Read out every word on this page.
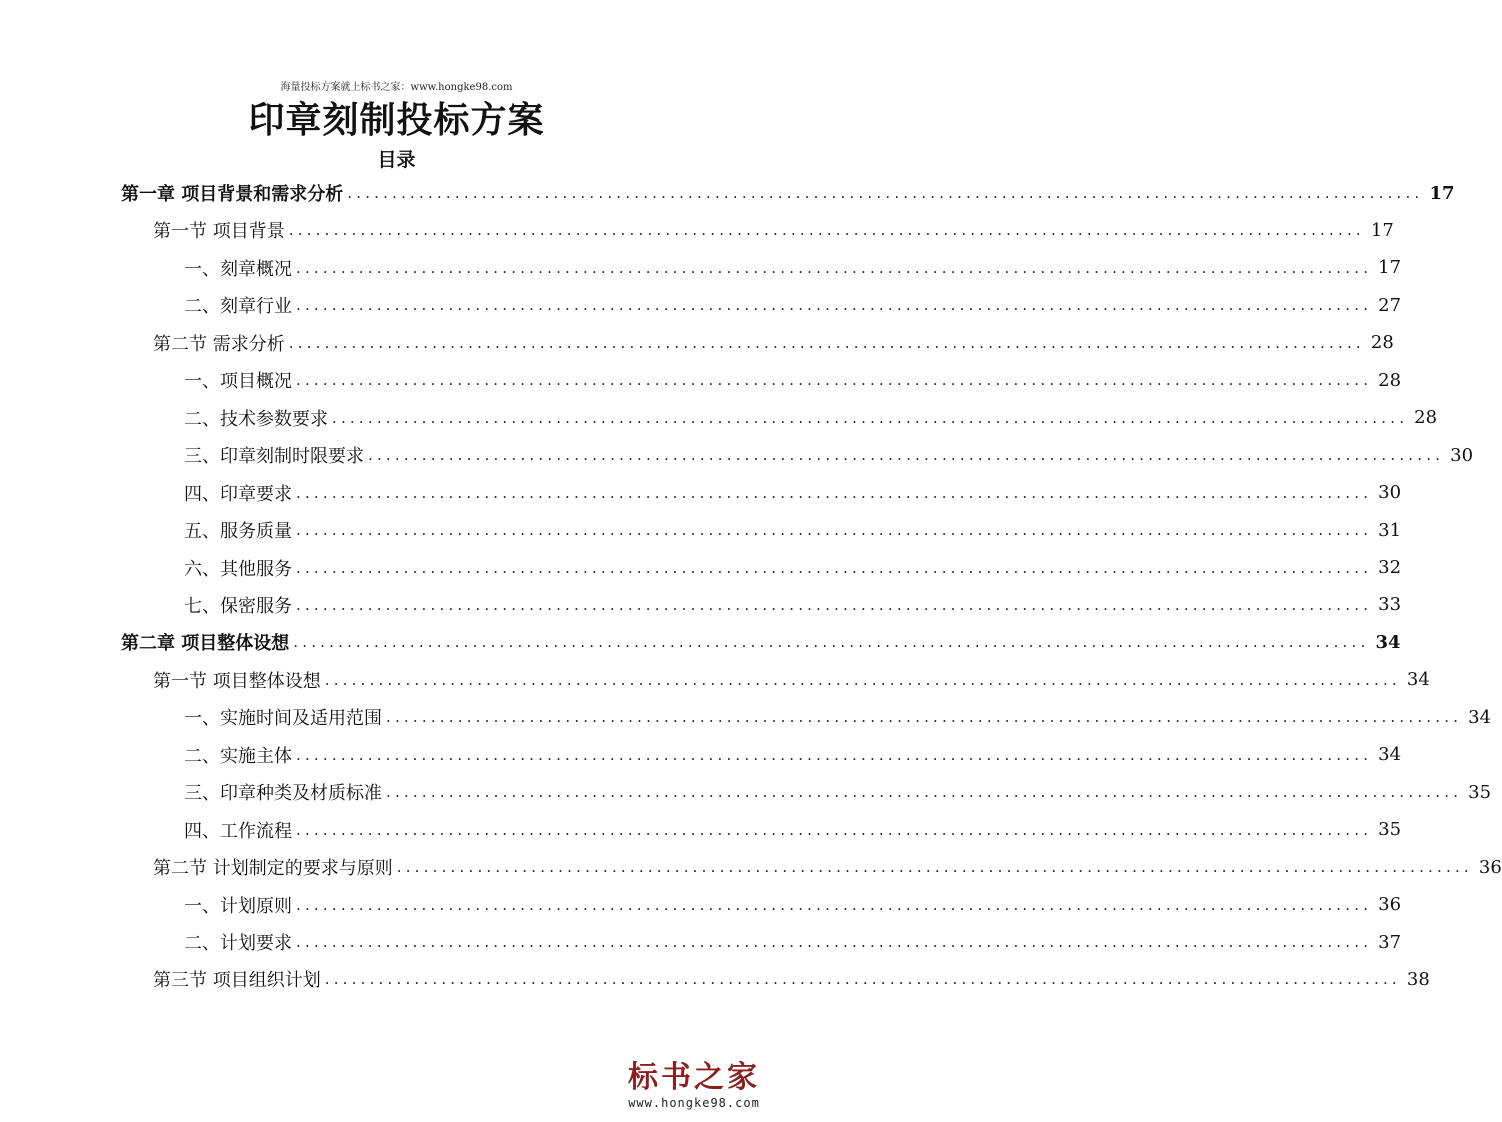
海量投标方案就上标书之家：www.hongke98.com
印章刻制投标方案
目录
第一章 项目背景和需求分析 ........................................................................................................................ 17
第一节 项目背景 ........................................................................................................................ 17
一、刻章概况 ........................................................................................................................ 17
二、刻章行业 ........................................................................................................................ 27
第二节 需求分析 ........................................................................................................................ 28
一、项目概况 ........................................................................................................................ 28
二、技术参数要求 ........................................................................................................................ 28
三、印章刻制时限要求 ........................................................................................................................ 30
四、印章要求 ........................................................................................................................ 30
五、服务质量 ........................................................................................................................ 31
六、其他服务 ........................................................................................................................ 32
七、保密服务 ........................................................................................................................ 33
第二章 项目整体设想 ........................................................................................................................ 34
第一节 项目整体设想 ........................................................................................................................ 34
一、实施时间及适用范围 ........................................................................................................................ 34
二、实施主体 ........................................................................................................................ 34
三、印章种类及材质标准 ........................................................................................................................ 35
四、工作流程 ........................................................................................................................ 35
第二节 计划制定的要求与原则 ........................................................................................................................ 36
一、计划原则 ........................................................................................................................ 36
二、计划要求 ........................................................................................................................ 37
第三节 项目组织计划 ........................................................................................................................ 38
标书之家
www.hongke98.com
